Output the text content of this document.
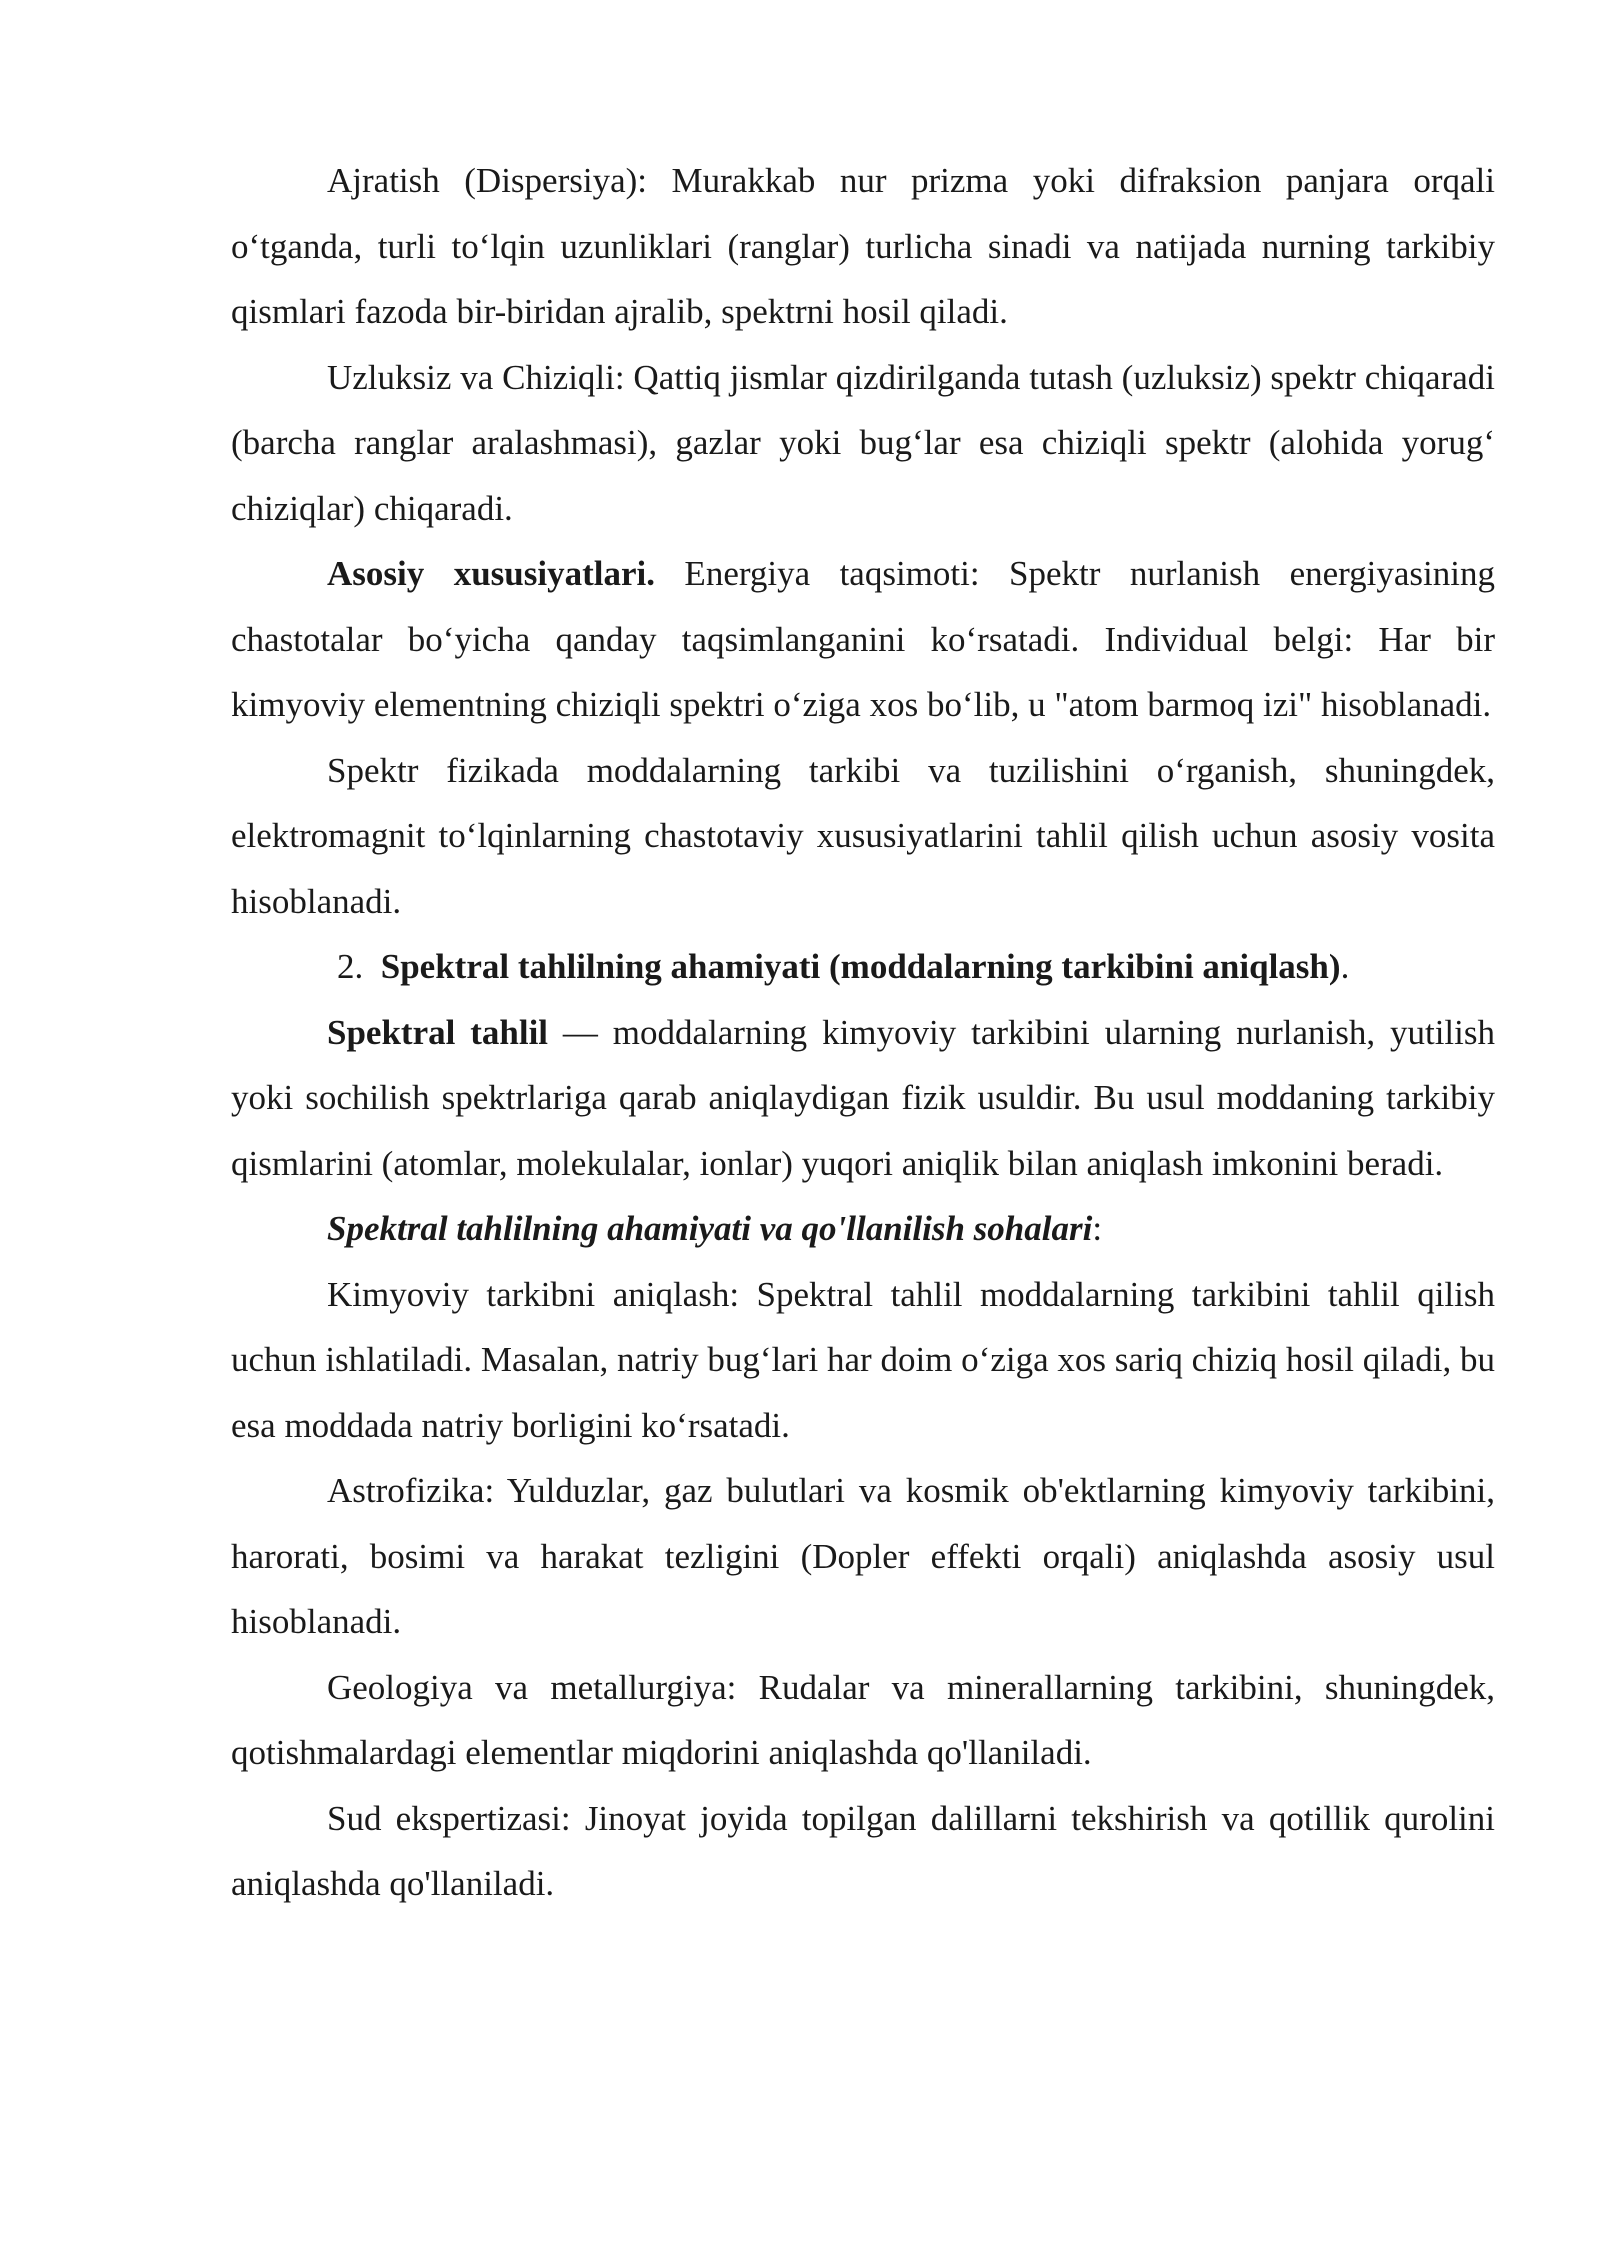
Ajratish (Dispersiya): Murakkab nur prizma yoki difraksion panjara orqali o‘tganda, turli to‘lqin uzunliklari (ranglar) turlicha sinadi va natijada nurning tarkibiy qismlari fazoda bir-biridan ajralib, spektrni hosil qiladi.

Uzluksiz va Chiziqli: Qattiq jismlar qizdirilganda tutash (uzluksiz) spektr chiqaradi (barcha ranglar aralashmasi), gazlar yoki bug‘lar esa chiziqli spektr (alohida yorug‘ chiziqlar) chiqaradi.

Asosiy xususiyatlari. Energiya taqsimoti: Spektr nurlanish energiyasining chastotalar bo‘yicha qanday taqsimlanganini ko‘rsatadi. Individual belgi: Har bir kimyoviy elementning chiziqli spektri o‘ziga xos bo‘lib, u "atom barmoq izi" hisoblanadi.

Spektr fizikada moddalarning tarkibi va tuzilishini o‘rganish, shuningdek, elektromagnit to‘lqinlarning chastotaviy xususiyatlarini tahlil qilish uchun asosiy vosita hisoblanadi.

2. Spektral tahlilning ahamiyati (moddalarning tarkibini aniqlash).

Spektral tahlil — moddalarning kimyoviy tarkibini ularning nurlanish, yutilish yoki sochilish spektrlariga qarab aniqlaydigan fizik usuldir. Bu usul moddaning tarkibiy qismlarini (atomlar, molekulalar, ionlar) yuqori aniqlik bilan aniqlash imkonini beradi.

Spektral tahlilning ahamiyati va qo'llanilish sohalari:

Kimyoviy tarkibni aniqlash: Spektral tahlil moddalarning tarkibini tahlil qilish uchun ishlatiladi. Masalan, natriy bug‘lari har doim o‘ziga xos sariq chiziq hosil qiladi, bu esa moddada natriy borligini ko‘rsatadi.

Astrofizika: Yulduzlar, gaz bulutlari va kosmik ob'ektlarning kimyoviy tarkibini, harorati, bosimi va harakat tezligini (Dopler effekti orqali) aniqlashda asosiy usul hisoblanadi.

Geologiya va metallurgiya: Rudalar va minerallarning tarkibini, shuningdek, qotishmalardagi elementlar miqdorini aniqlashda qo'llaniladi.

Sud ekspertizasi: Jinoyat joyida topilgan dalillarni tekshirish va qotillik qurolini aniqlashda qo'llaniladi.
